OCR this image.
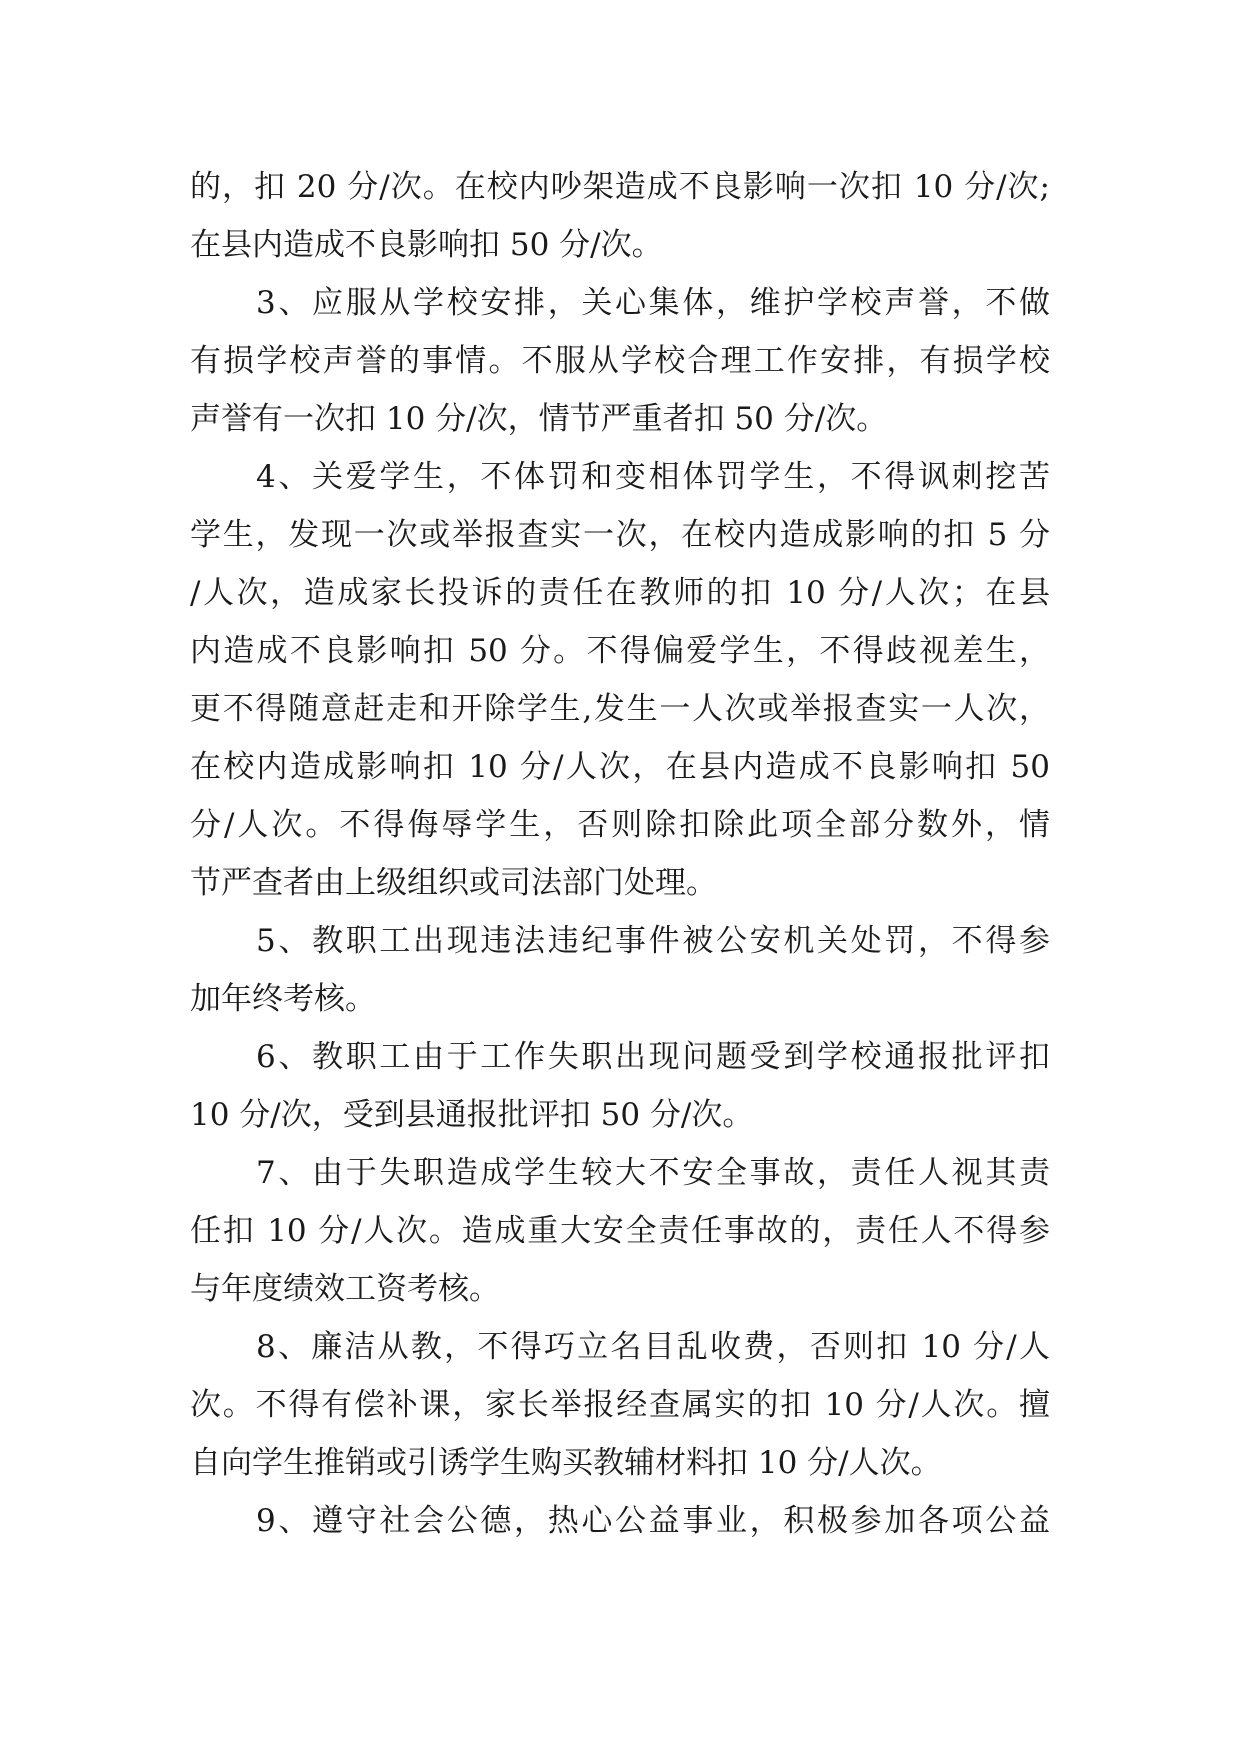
的，扣 20 分/次。在校内吵架造成不良影响一次扣 10 分/次;
在县内造成不良影响扣 50 分/次。
3、应服从学校安排，关心集体，维护学校声誉，不做
有损学校声誉的事情。不服从学校合理工作安排，有损学校
声誉有一次扣 10 分/次，情节严重者扣 50 分/次。
4、关爱学生，不体罚和变相体罚学生，不得讽刺挖苦
学生，发现一次或举报查实一次，在校内造成影响的扣 5 分
/人次，造成家长投诉的责任在教师的扣 10 分/人次；在县
内造成不良影响扣 50 分。不得偏爱学生，不得歧视差生，
更不得随意赶走和开除学生,发生一人次或举报查实一人次，
在校内造成影响扣 10 分/人次，在县内造成不良影响扣 50
分/人次。不得侮辱学生，否则除扣除此项全部分数外，情
节严查者由上级组织或司法部门处理。
5、教职工出现违法违纪事件被公安机关处罚，不得参
加年终考核。
6、教职工由于工作失职出现问题受到学校通报批评扣
10 分/次，受到县通报批评扣 50 分/次。
7、由于失职造成学生较大不安全事故，责任人视其责
任扣 10 分/人次。造成重大安全责任事故的，责任人不得参
与年度绩效工资考核。
8、廉洁从教，不得巧立名目乱收费，否则扣 10 分/人
次。不得有偿补课，家长举报经查属实的扣 10 分/人次。擅
自向学生推销或引诱学生购买教辅材料扣 10 分/人次。
9、遵守社会公德，热心公益事业，积极参加各项公益
